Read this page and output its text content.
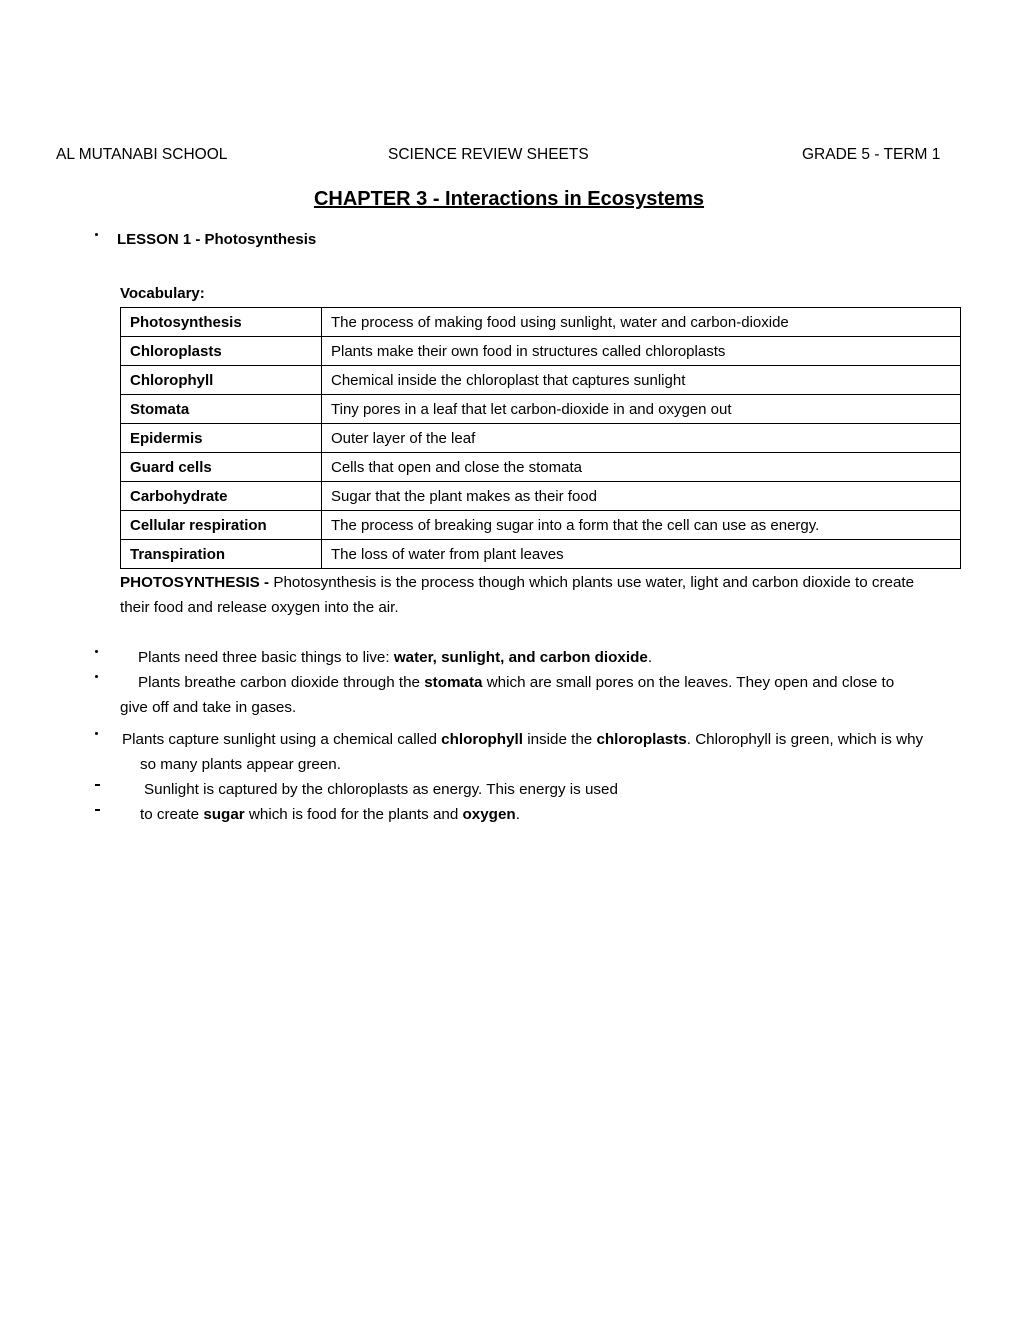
AL MUTANABI SCHOOL	SCIENCE REVIEW SHEETS	GRADE 5 - TERM 1
CHAPTER 3 - Interactions in Ecosystems
LESSON 1 - Photosynthesis
Vocabulary:
Photosynthesis	The process of making food using sunlight, water and carbon-dioxide
Chloroplasts	Plants make their own food in structures called chloroplasts
Chlorophyll	Chemical inside the chloroplast that captures sunlight
Stomata	Tiny pores in a leaf that let carbon-dioxide in and oxygen out
Epidermis	Outer layer of the leaf
Guard cells	Cells that open and close the stomata
Carbohydrate	Sugar that the plant makes as their food
Cellular respiration	The process of breaking sugar into a form that the cell can use as energy.
Transpiration	The loss of water from plant leaves
PHOTOSYNTHESIS - Photosynthesis is the process though which plants use water, light and carbon dioxide to create
their food and release oxygen into the air.
Plants need three basic things to live: water, sunlight, and carbon dioxide.
Plants breathe carbon dioxide through the stomata which are small pores on the leaves. They open and close to
give off and take in gases.
Plants capture sunlight using a chemical called chlorophyll inside the chloroplasts. Chlorophyll is green, which is why
so many plants appear green.
Sunlight is captured by the chloroplasts as energy. This energy is used
to create sugar which is food for the plants and oxygen.
